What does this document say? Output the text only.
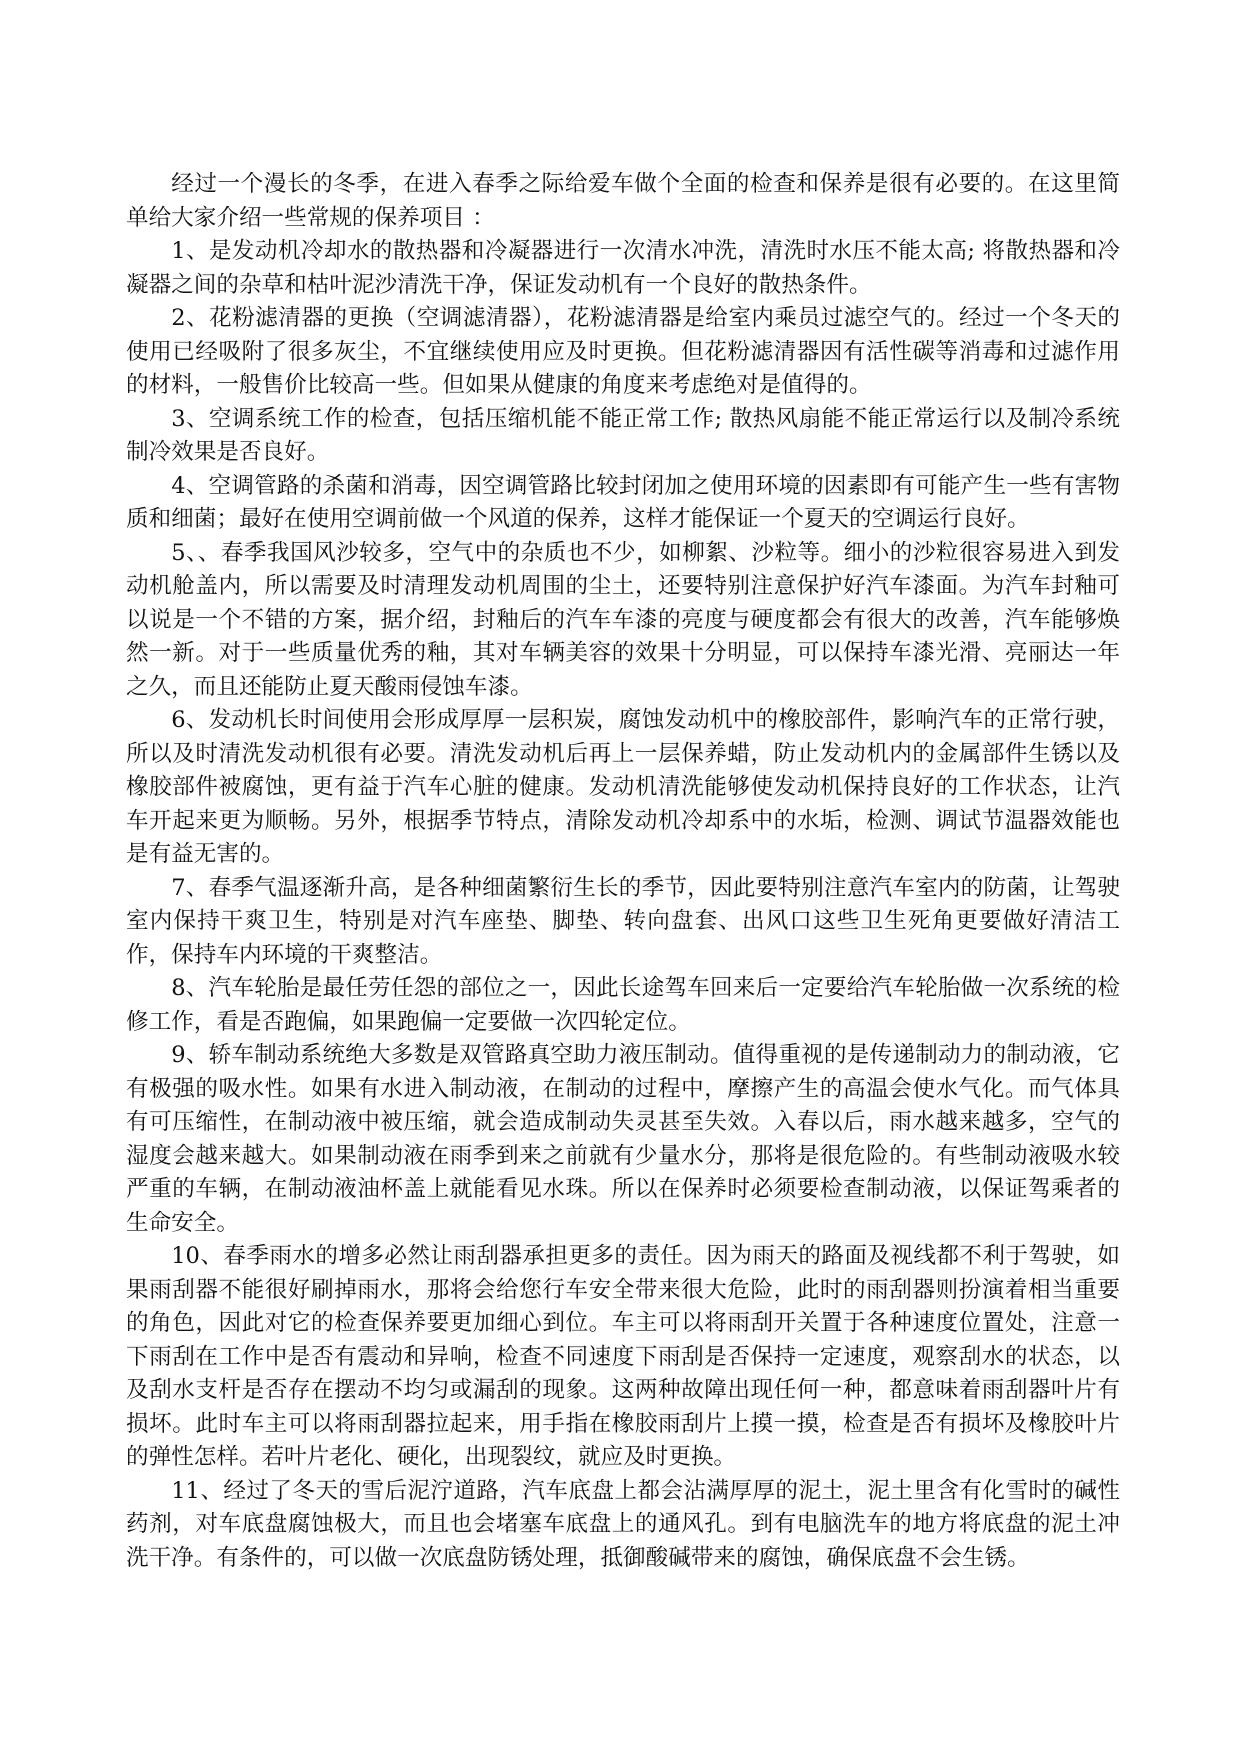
经过一个漫长的冬季，在进入春季之际给爱车做个全面的检查和保养是很有必要的。在这里简单给大家介绍一些常规的保养项目 ：

1、是发动机冷却水的散热器和冷凝器进行一次清水冲洗，清洗时水压不能太高; 将散热器和冷凝器之间的杂草和枯叶泥沙清洗干净，保证发动机有一个良好的散热条件。

2、花粉滤清器的更换（空调滤清器），花粉滤清器是给室内乘员过滤空气的。经过一个冬天的使用已经吸附了很多灰尘，不宜继续使用应及时更换。但花粉滤清器因有活性碳等消毒和过滤作用的材料，一般售价比较高一些。但如果从健康的角度来考虑绝对是值得的。

3、空调系统工作的检查，包括压缩机能不能正常工作; 散热风扇能不能正常运行以及制冷系统制冷效果是否良好。

4、空调管路的杀菌和消毒，因空调管路比较封闭加之使用环境的因素即有可能产生一些有害物质和细菌；最好在使用空调前做一个风道的保养，这样才能保证一个夏天的空调运行良好。

5、、春季我国风沙较多，空气中的杂质也不少，如柳絮、沙粒等。细小的沙粒很容易进入到发动机舱盖内，所以需要及时清理发动机周围的尘土，还要特别注意保护好汽车漆面。为汽车封釉可以说是一个不错的方案，据介绍，封釉后的汽车车漆的亮度与硬度都会有很大的改善，汽车能够焕然一新。对于一些质量优秀的釉，其对车辆美容的效果十分明显，可以保持车漆光滑、亮丽达一年之久，而且还能防止夏天酸雨侵蚀车漆。

6、发动机长时间使用会形成厚厚一层积炭，腐蚀发动机中的橡胶部件，影响汽车的正常行驶，所以及时清洗发动机很有必要。清洗发动机后再上一层保养蜡，防止发动机内的金属部件生锈以及橡胶部件被腐蚀，更有益于汽车心脏的健康。发动机清洗能够使发动机保持良好的工作状态，让汽车开起来更为顺畅。另外，根据季节特点，清除发动机冷却系中的水垢，检测、调试节温器效能也是有益无害的。

7、春季气温逐渐升高，是各种细菌繁衍生长的季节，因此要特别注意汽车室内的防菌，让驾驶室内保持干爽卫生，特别是对汽车座垫、脚垫、转向盘套、出风口这些卫生死角更要做好清洁工作，保持车内环境的干爽整洁。

8、汽车轮胎是最任劳任怨的部位之一，因此长途驾车回来后一定要给汽车轮胎做一次系统的检修工作，看是否跑偏，如果跑偏一定要做一次四轮定位。

9、轿车制动系统绝大多数是双管路真空助力液压制动。值得重视的是传递制动力的制动液，它有极强的吸水性。如果有水进入制动液，在制动的过程中，摩擦产生的高温会使水气化。而气体具有可压缩性，在制动液中被压缩，就会造成制动失灵甚至失效。入春以后，雨水越来越多，空气的湿度会越来越大。如果制动液在雨季到来之前就有少量水分，那将是很危险的。有些制动液吸水较严重的车辆，在制动液油杯盖上就能看见水珠。所以在保养时必须要检查制动液，以保证驾乘者的生命安全。

10、春季雨水的增多必然让雨刮器承担更多的责任。因为雨天的路面及视线都不利于驾驶，如果雨刮器不能很好刷掉雨水，那将会给您行车安全带来很大危险，此时的雨刮器则扮演着相当重要的角色，因此对它的检查保养要更加细心到位。车主可以将雨刮开关置于各种速度位置处，注意一下雨刮在工作中是否有震动和异响，检查不同速度下雨刮是否保持一定速度，观察刮水的状态，以及刮水支杆是否存在摆动不均匀或漏刮的现象。这两种故障出现任何一种，都意味着雨刮器叶片有损坏。此时车主可以将雨刮器拉起来，用手指在橡胶雨刮片上摸一摸，检查是否有损坏及橡胶叶片的弹性怎样。若叶片老化、硬化，出现裂纹，就应及时更换。

11、经过了冬天的雪后泥泞道路，汽车底盘上都会沾满厚厚的泥土，泥土里含有化雪时的碱性药剂，对车底盘腐蚀极大，而且也会堵塞车底盘上的通风孔。到有电脑洗车的地方将底盘的泥土冲洗干净。有条件的，可以做一次底盘防锈处理，抵御酸碱带来的腐蚀，确保底盘不会生锈。
